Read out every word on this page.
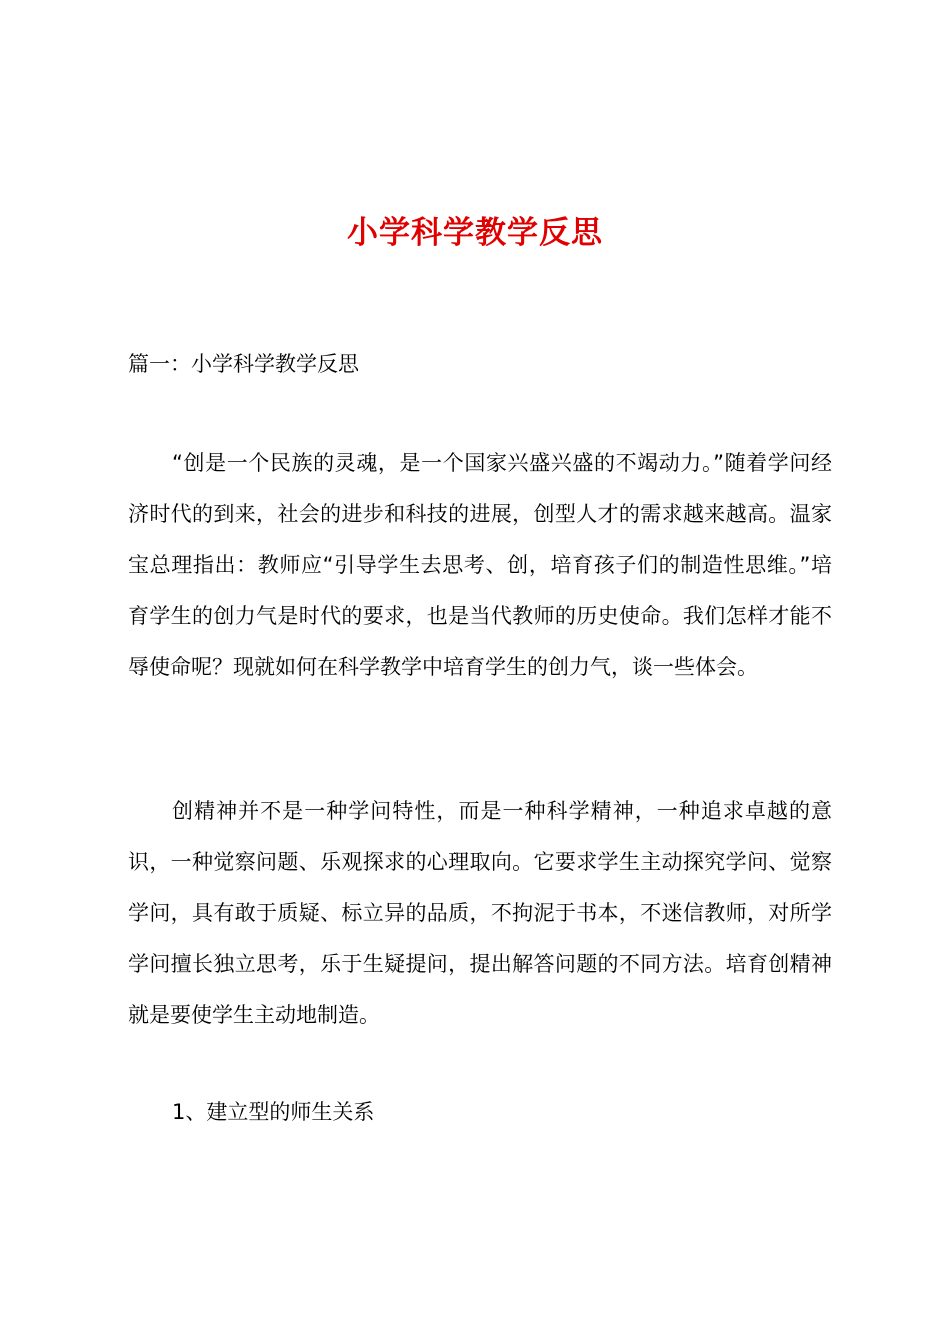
小学科学教学反思
篇一：小学科学教学反思

“创是一个民族的灵魂，是一个国家兴盛兴盛的不竭动力。”随着学问经济时代的到来，社会的进步和科技的进展，创型人才的需求越来越高。温家宝总理指出：教师应“引导学生去思考、创，培育孩子们的制造性思维。”培育学生的创力气是时代的要求，也是当代教师的历史使命。我们怎样才能不辱使命呢？现就如何在科学教学中培育学生的创力气，谈一些体会。

创精神并不是一种学问特性，而是一种科学精神，一种追求卓越的意识，一种觉察问题、乐观探求的心理取向。它要求学生主动探究学问、觉察学问，具有敢于质疑、标立异的品质，不拘泥于书本，不迷信教师，对所学学问擅长独立思考，乐于生疑提问，提出解答问题的不同方法。培育创精神就是要使学生主动地制造。

1、建立型的师生关系
